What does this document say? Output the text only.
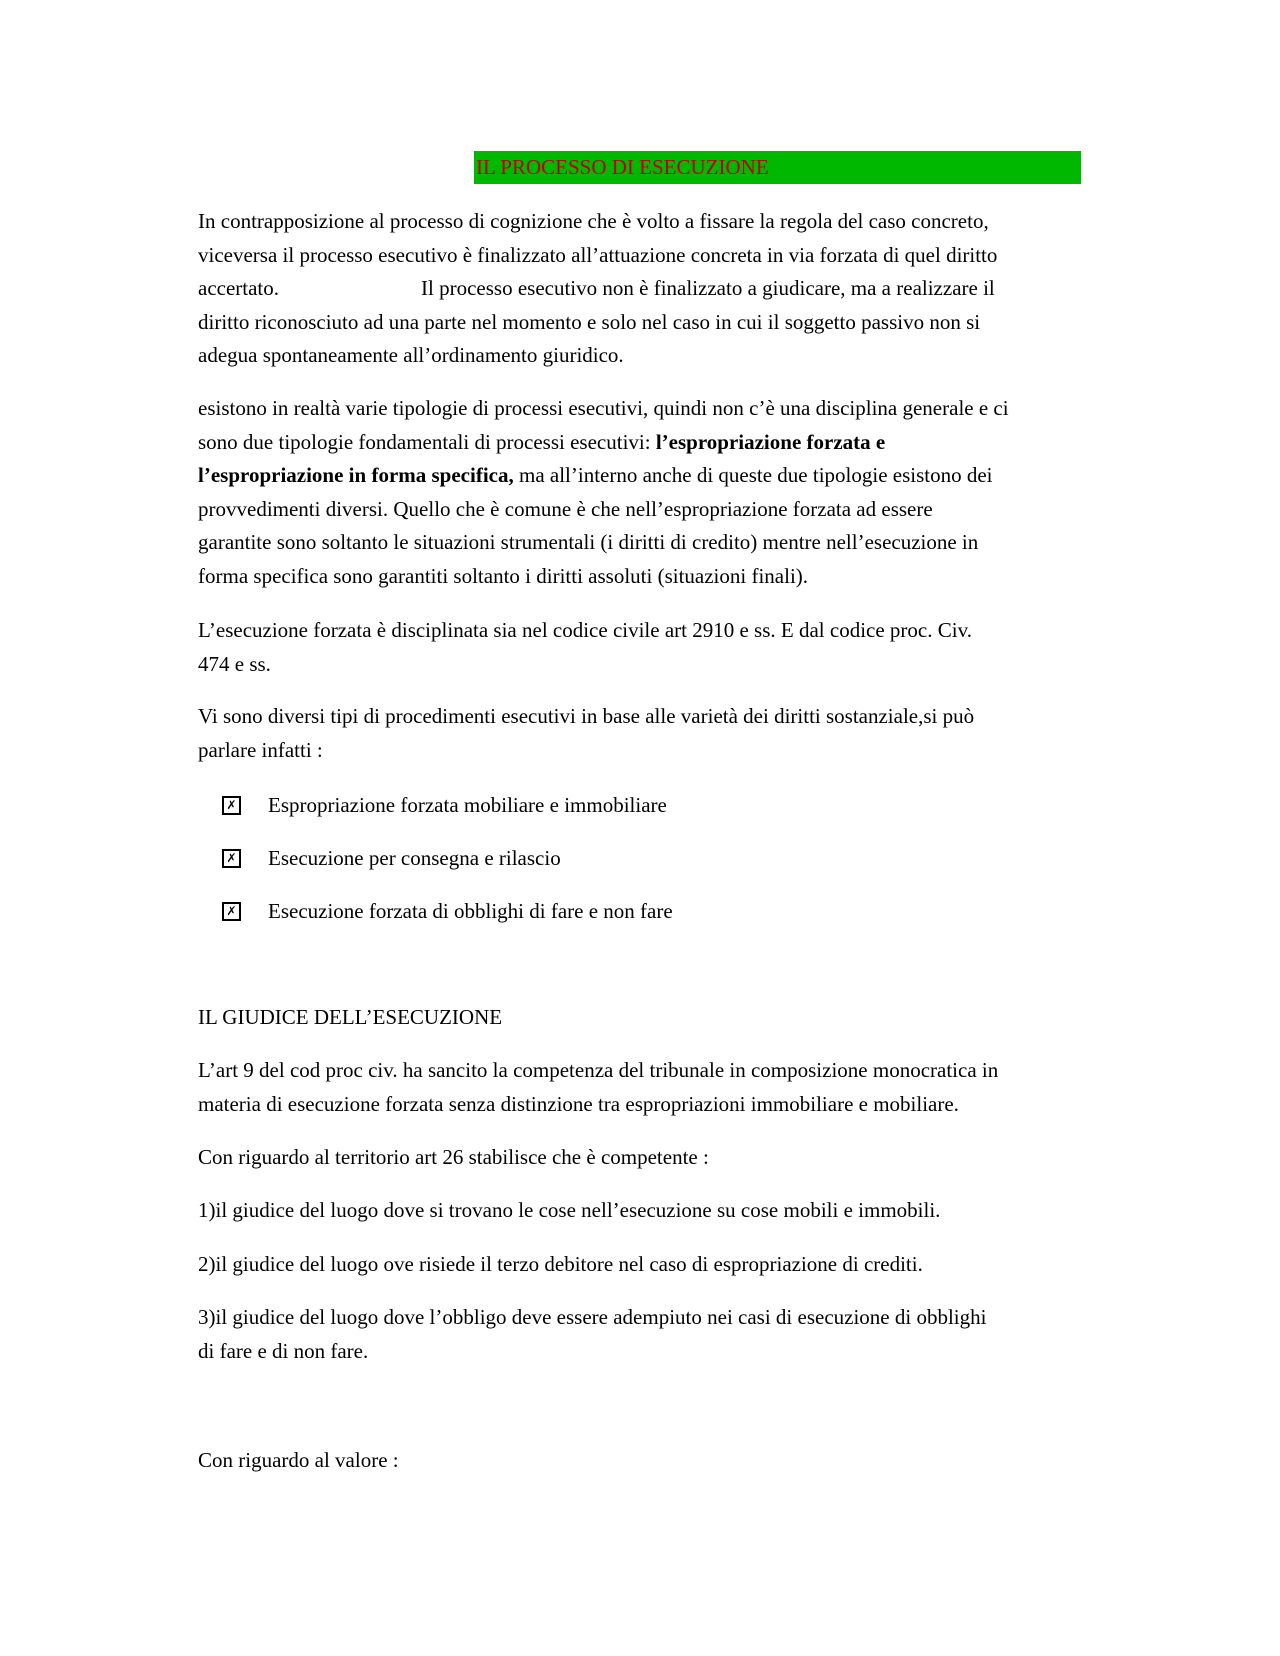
IL PROCESSO DI ESECUZIONE
In contrapposizione al processo di cognizione che è volto a fissare la regola del caso concreto,
viceversa il processo esecutivo è finalizzato all’attuazione concreta in via forzata di quel diritto
accertato.	Il processo esecutivo non è finalizzato a giudicare, ma a realizzare il
diritto riconosciuto ad una parte nel momento e solo nel caso in cui il soggetto passivo non si
adegua spontaneamente all’ordinamento giuridico.
esistono in realtà varie tipologie di processi esecutivi, quindi non c’è una disciplina generale e ci
sono due tipologie fondamentali di processi esecutivi: l’espropriazione forzata e
l’espropriazione in forma specifica, ma all’interno anche di queste due tipologie esistono dei
provvedimenti diversi. Quello che è comune è che nell’espropriazione forzata ad essere
garantite sono soltanto le situazioni strumentali (i diritti di credito) mentre nell’esecuzione in
forma specifica sono garantiti soltanto i diritti assoluti (situazioni finali).
L’esecuzione forzata è disciplinata sia nel codice civile art 2910 e ss. E dal codice proc. Civ.
474 e ss.
Vi sono diversi tipi di procedimenti esecutivi in base alle varietà dei diritti sostanziale,si può
parlare infatti :
✗ Espropriazione forzata mobiliare e immobiliare
✗ Esecuzione per consegna e rilascio
✗ Esecuzione forzata di obblighi di fare e non fare
IL GIUDICE DELL’ESECUZIONE
L’art 9 del cod proc civ. ha sancito la competenza del tribunale in composizione monocratica in
materia di esecuzione forzata senza distinzione tra espropriazioni immobiliare e mobiliare.
Con riguardo al territorio art 26 stabilisce che è competente :
1)il giudice del luogo dove si trovano le cose nell’esecuzione su cose mobili e immobili.
2)il giudice del luogo ove risiede il terzo debitore nel caso di espropriazione di crediti.
3)il giudice del luogo dove l’obbligo deve essere adempiuto nei casi di esecuzione di obblighi
di fare e di non fare.
Con riguardo al valore :
